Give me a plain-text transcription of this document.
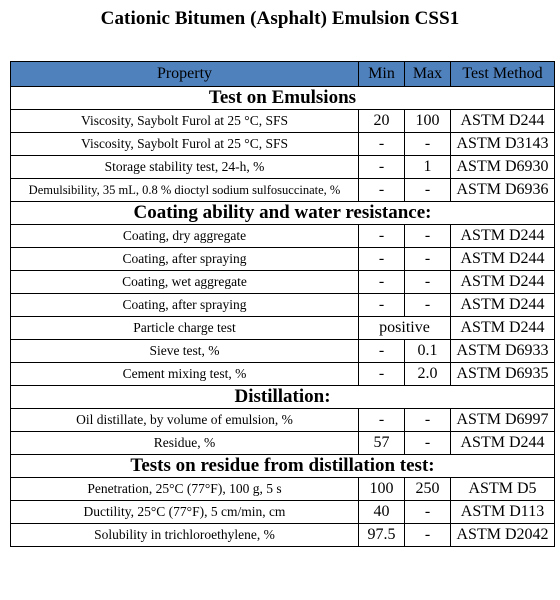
Cationic Bitumen (Asphalt) Emulsion CSS1
Property	Min	Max	Test Method
Test on Emulsions			
Viscosity, Saybolt Furol at 25 °C, SFS	20	100	ASTM D244
Viscosity, Saybolt Furol at 25 °C, SFS	-	-	ASTM D3143
Storage stability test, 24-h, %	-	1	ASTM D6930
Demulsibility, 35 mL, 0.8 % dioctyl sodium sulfosuccinate, %	-	-	ASTM D6936
Coating ability and water resistance:			
Coating, dry aggregate	-	-	ASTM D244
Coating, after spraying	-	-	ASTM D244
Coating, wet aggregate	-	-	ASTM D244
Coating, after spraying	-	-	ASTM D244
Particle charge test	positive		ASTM D244
Sieve test, %	-	0.1	ASTM D6933
Cement mixing test, %	-	2.0	ASTM D6935
Distillation:			
Oil distillate, by volume of emulsion, %	-	-	ASTM D6997
Residue, %	57	-	ASTM D244
Tests on residue from distillation test:			
Penetration, 25°C (77°F), 100 g, 5 s	100	250	ASTM D5
Ductility, 25°C (77°F), 5 cm/min, cm	40	-	ASTM D113
Solubility in trichloroethylene, %	97.5	-	ASTM D2042
